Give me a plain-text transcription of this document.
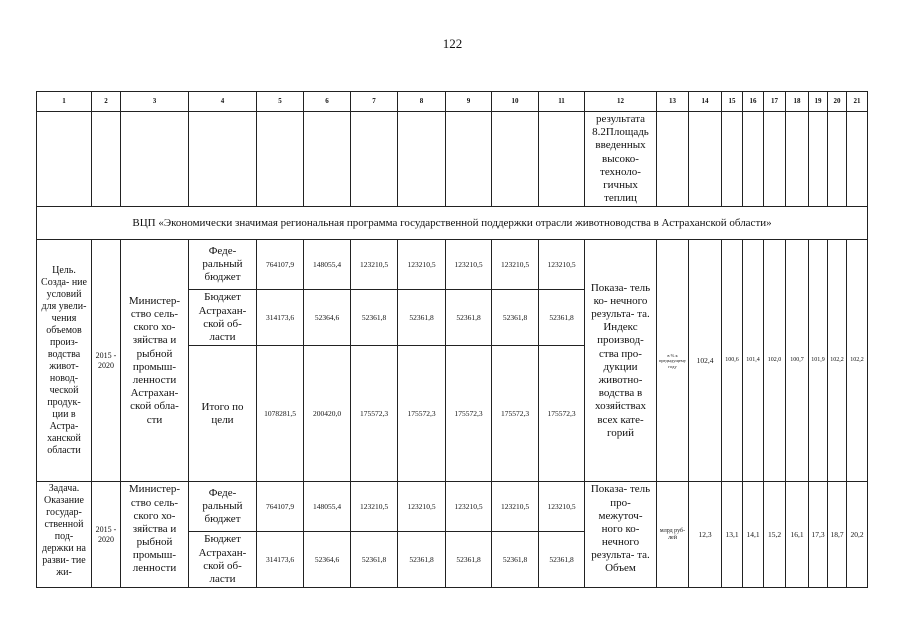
122
1	2	3	4	5	6	7	8	9	10	11	12	13	14	15	16	17	18	19	20	21
											результата 8.2Площадь введенных высоко- техноло- гичных теплиц									
ВЦП «Экономически значимая региональная программа государственной поддержки отрасли животноводства в Астраханской области»																				
Цель. Созда- ние условий для увели- чения объемов произ- водства живот- новод- ческой продук- ции в Астра- ханской области	2015 - 2020	Министер- ство сель- ского хо- зяйства и рыбной промыш- ленности Астрахан- ской обла- сти	Феде- ральный бюджет	764107,9	148055,4	123210,5	123210,5	123210,5	123210,5	123210,5	Показа- тель ко- нечного результа- та. Индекс производ- ства про- дукции животно- водства в хозяйствах всех кате- горий	в % к предыдущему году	102,4	100,6	101,4	102,0	100,7	101,9	102,2	102,2
			Бюджет Астрахан- ской об- ласти	314173,6	52364,6	52361,8	52361,8	52361,8	52361,8	52361,8										
			Итого по цели	1078281,5	200420,0	175572,3	175572,3	175572,3	175572,3	175572,3										
Задача. Оказание государ- ственной под- держки на разви- тие жи-	2015 - 2020	Министер- ство сель- ского хо- зяйства и рыбной промыш- ленности	Феде- ральный бюджет	764107,9	148055,4	123210,5	123210,5	123210,5	123210,5	123210,5	Показа- тель про- межуточ- ного ко- нечного результа- та. Объем	млрд руб- лей	12,3	13,1	14,1	15,2	16,1	17,3	18,7	20,2
			Бюджет Астрахан- ской об- ласти	314173,6	52364,6	52361,8	52361,8	52361,8	52361,8	52361,8										
